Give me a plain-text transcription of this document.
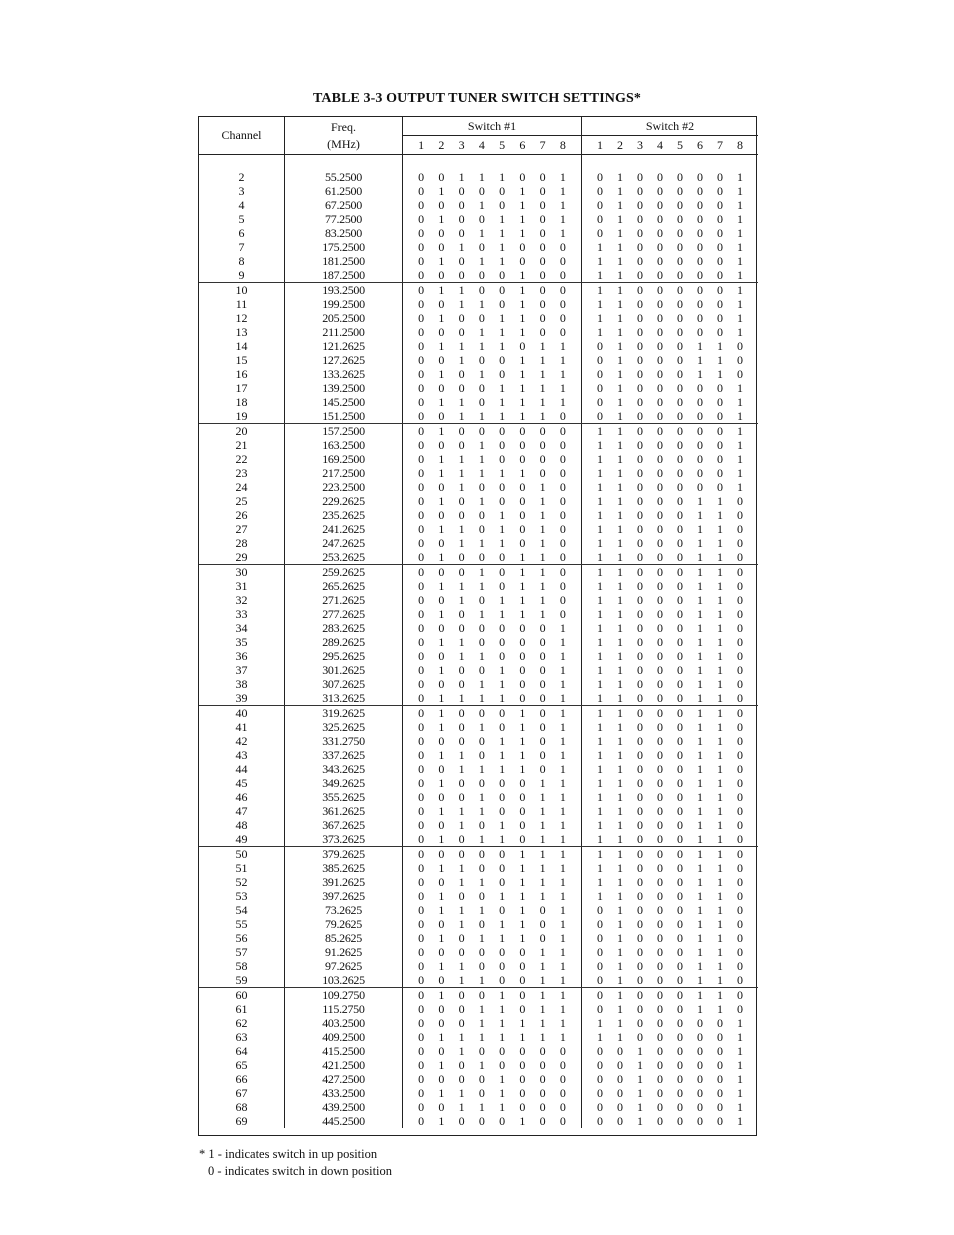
TABLE 3-3 OUTPUT TUNER SWITCH SETTINGS*
Channel
Freq.
(MHz)
Switch #1	Switch #2
1	2	3	4	5	6	7	8	1	2	3	4	5	6	7	8
2	55.2500	0	0	1	1	1	0	0	1	0	1	0	0	0	0	0	1
3	61.2500	0	1	0	0	0	1	0	1	0	1	0	0	0	0	0	1
4	67.2500	0	0	0	1	0	1	0	1	0	1	0	0	0	0	0	1
5	77.2500	0	1	0	0	1	1	0	1	0	1	0	0	0	0	0	1
6	83.2500	0	0	0	1	1	1	0	1	0	1	0	0	0	0	0	1
7	175.2500	0	0	1	0	1	0	0	0	1	1	0	0	0	0	0	1
8	181.2500	0	1	0	1	1	0	0	0	1	1	0	0	0	0	0	1
9	187.2500	0	0	0	0	0	1	0	0	1	1	0	0	0	0	0	1
10	193.2500	0	1	1	0	0	1	0	0	1	1	0	0	0	0	0	1
11	199.2500	0	0	1	1	0	1	0	0	1	1	0	0	0	0	0	1
12	205.2500	0	1	0	0	1	1	0	0	1	1	0	0	0	0	0	1
13	211.2500	0	0	0	1	1	1	0	0	1	1	0	0	0	0	0	1
14	121.2625	0	1	1	1	1	0	1	1	0	1	0	0	0	1	1	0
15	127.2625	0	0	1	0	0	1	1	1	0	1	0	0	0	1	1	0
16	133.2625	0	1	0	1	0	1	1	1	0	1	0	0	0	1	1	0
17	139.2500	0	0	0	0	1	1	1	1	0	1	0	0	0	0	0	1
18	145.2500	0	1	1	0	1	1	1	1	0	1	0	0	0	0	0	1
19	151.2500	0	0	1	1	1	1	1	0	0	1	0	0	0	0	0	1
20	157.2500	0	1	0	0	0	0	0	0	1	1	0	0	0	0	0	1
21	163.2500	0	0	0	1	0	0	0	0	1	1	0	0	0	0	0	1
22	169.2500	0	1	1	1	0	0	0	0	1	1	0	0	0	0	0	1
23	217.2500	0	1	1	1	1	1	0	0	1	1	0	0	0	0	0	1
24	223.2500	0	0	1	0	0	0	1	0	1	1	0	0	0	0	0	1
25	229.2625	0	1	0	1	0	0	1	0	1	1	0	0	0	1	1	0
26	235.2625	0	0	0	0	1	0	1	0	1	1	0	0	0	1	1	0
27	241.2625	0	1	1	0	1	0	1	0	1	1	0	0	0	1	1	0
28	247.2625	0	0	1	1	1	0	1	0	1	1	0	0	0	1	1	0
29	253.2625	0	1	0	0	0	1	1	0	1	1	0	0	0	1	1	0
30	259.2625	0	0	0	1	0	1	1	0	1	1	0	0	0	1	1	0
31	265.2625	0	1	1	1	0	1	1	0	1	1	0	0	0	1	1	0
32	271.2625	0	0	1	0	1	1	1	0	1	1	0	0	0	1	1	0
33	277.2625	0	1	0	1	1	1	1	0	1	1	0	0	0	1	1	0
34	283.2625	0	0	0	0	0	0	0	1	1	1	0	0	0	1	1	0
35	289.2625	0	1	1	0	0	0	0	1	1	1	0	0	0	1	1	0
36	295.2625	0	0	1	1	0	0	0	1	1	1	0	0	0	1	1	0
37	301.2625	0	1	0	0	1	0	0	1	1	1	0	0	0	1	1	0
38	307.2625	0	0	0	1	1	0	0	1	1	1	0	0	0	1	1	0
39	313.2625	0	1	1	1	1	0	0	1	1	1	0	0	0	1	1	0
40	319.2625	0	1	0	0	0	1	0	1	1	1	0	0	0	1	1	0
41	325.2625	0	1	0	1	0	1	0	1	1	1	0	0	0	1	1	0
42	331.2750	0	0	0	0	1	1	0	1	1	1	0	0	0	1	1	0
43	337.2625	0	1	1	0	1	1	0	1	1	1	0	0	0	1	1	0
44	343.2625	0	0	1	1	1	1	0	1	1	1	0	0	0	1	1	0
45	349.2625	0	1	0	0	0	0	1	1	1	1	0	0	0	1	1	0
46	355.2625	0	0	0	1	0	0	1	1	1	1	0	0	0	1	1	0
47	361.2625	0	1	1	1	0	0	1	1	1	1	0	0	0	1	1	0
48	367.2625	0	0	1	0	1	0	1	1	1	1	0	0	0	1	1	0
49	373.2625	0	1	0	1	1	0	1	1	1	1	0	0	0	1	1	0
50	379.2625	0	0	0	0	0	1	1	1	1	1	0	0	0	1	1	0
51	385.2625	0	1	1	0	0	1	1	1	1	1	0	0	0	1	1	0
52	391.2625	0	0	1	1	0	1	1	1	1	1	0	0	0	1	1	0
53	397.2625	0	1	0	0	1	1	1	1	1	1	0	0	0	1	1	0
54	73.2625	0	1	1	1	0	1	0	1	0	1	0	0	0	1	1	0
55	79.2625	0	0	1	0	1	1	0	1	0	1	0	0	0	1	1	0
56	85.2625	0	1	0	1	1	1	0	1	0	1	0	0	0	1	1	0
57	91.2625	0	0	0	0	0	0	1	1	0	1	0	0	0	1	1	0
58	97.2625	0	1	1	0	0	0	1	1	0	1	0	0	0	1	1	0
59	103.2625	0	0	1	1	0	0	1	1	0	1	0	0	0	1	1	0
60	109.2750	0	1	0	0	1	0	1	1	0	1	0	0	0	1	1	0
61	115.2750	0	0	0	1	1	0	1	1	0	1	0	0	0	1	1	0
62	403.2500	0	0	0	1	1	1	1	1	1	1	0	0	0	0	0	1
63	409.2500	0	1	1	1	1	1	1	1	1	1	0	0	0	0	0	1
64	415.2500	0	0	1	0	0	0	0	0	0	0	1	0	0	0	0	1
65	421.2500	0	1	0	1	0	0	0	0	0	0	1	0	0	0	0	1
66	427.2500	0	0	0	0	1	0	0	0	0	0	1	0	0	0	0	1
67	433.2500	0	1	1	0	1	0	0	0	0	0	1	0	0	0	0	1
68	439.2500	0	0	1	1	1	0	0	0	0	0	1	0	0	0	0	1
69	445.2500	0	1	0	0	0	1	0	0	0	0	1	0	0	0	0	1
* 1 - indicates switch in up position
0 - indicates switch in down position
